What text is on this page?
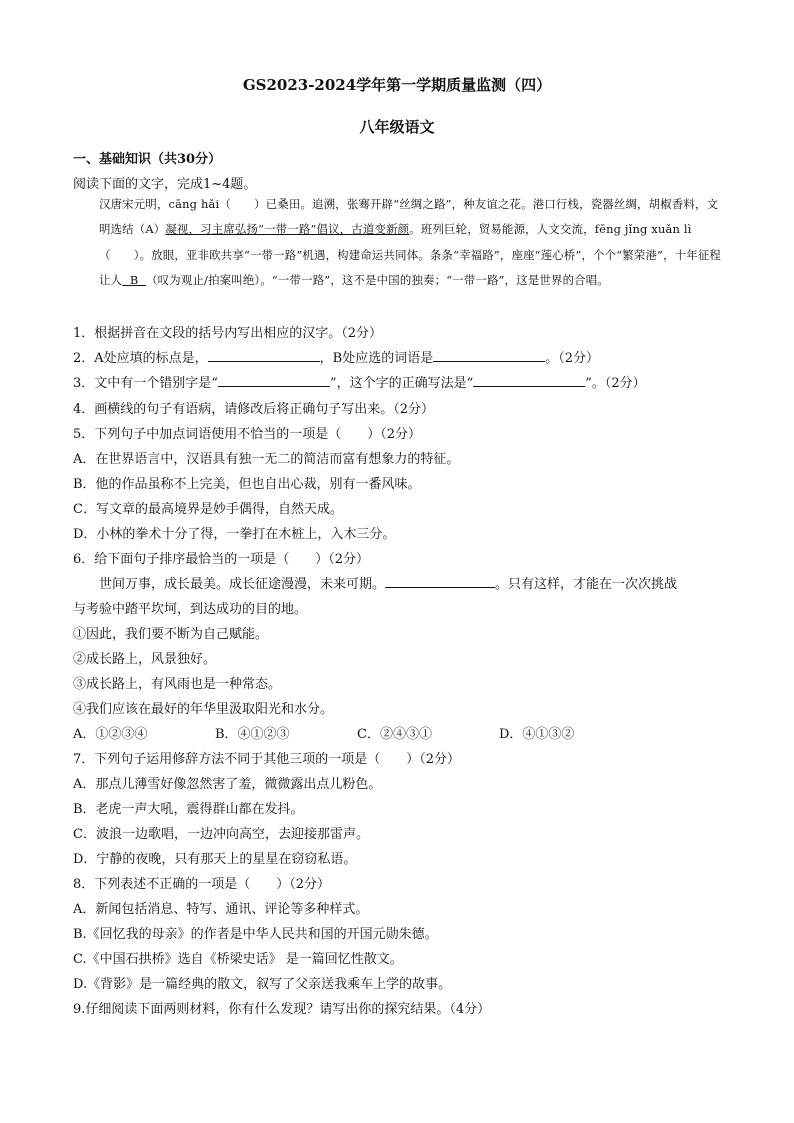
GS2023-2024学年第一学期质量监测（四）
八年级语文
一、基础知识（共30分）
阅读下面的文字，完成1~4题。

汉唐宋元明，cāng hǎi（　　）已桑田。追溯，张骞开辟“丝绸之路”，种友谊之花。港口行栈，瓷器丝绸，胡椒香料，文明选结（A）凝视，习主席弘扬“一带一路”倡议，古道变新颜。班列巨轮，贸易能源，人文交流，fēng jǐng xuǎn lì（　　）。放眼，亚非欧共享“一带一路”机遇，构建命运共同体。条条“幸福路”，座座“莲心桥”，个个“繁荣港”，十年征程让人 B （叹为观止/拍案叫绝）。“一带一路”，这不是中国的独奏；“一带一路”，这是世界的合唱。

1．根据拼音在文段的括号内写出相应的汉字。（2分）
2．A处应填的标点是，	，B处应选的词语是	。（2分）
3．文中有一个错别字是“	”，这个字的正确写法是“	”。（2分）
4．画横线的句子有语病，请修改后将正确句子写出来。（2分）
5．下列句子中加点词语使用不恰当的一项是（　　）（2分）
A．在世界语言中，汉语具有独一无二的简洁而富有想象力的特征。
B．他的作品虽称不上完美，但也自出心裁，别有一番风味。
C．写文章的最高境界是妙手偶得，自然天成。
D．小林的拳术十分了得，一拳打在木桩上，入木三分。
6．给下面句子排序最恰当的一项是（　　）（2分）
世间万事，成长最美。成长征途漫漫，未来可期。	。只有这样，才能在一次次挑战
与考验中踏平坎坷，到达成功的目的地。
①因此，我们要不断为自己赋能。
②成长路上，风景独好。
③成长路上，有风雨也是一种常态。
④我们应该在最好的年华里汲取阳光和水分。
A．①②③④	B．④①②③	C．②④③①	D．④①③②
7．下列句子运用修辞方法不同于其他三项的一项是（　　）（2分）
A．那点儿薄雪好像忽然害了羞，微微露出点儿粉色。
B．老虎一声大吼，震得群山都在发抖。
C．波浪一边歌唱，一边冲向高空，去迎接那雷声。
D．宁静的夜晚，只有那天上的星星在窃窃私语。
8．下列表述不正确的一项是（　　）（2分）
A．新闻包括消息、特写、通讯、评论等多种样式。
B.《回忆我的母亲》的作者是中华人民共和国的开国元勋朱德。
C.《中国石拱桥》选自《桥梁史话》 是一篇回忆性散文。
D.《背影》是一篇经典的散文，叙写了父亲送我乘车上学的故事。
9.仔细阅读下面两则材料，你有什么发现？请写出你的探究结果。（4分）
